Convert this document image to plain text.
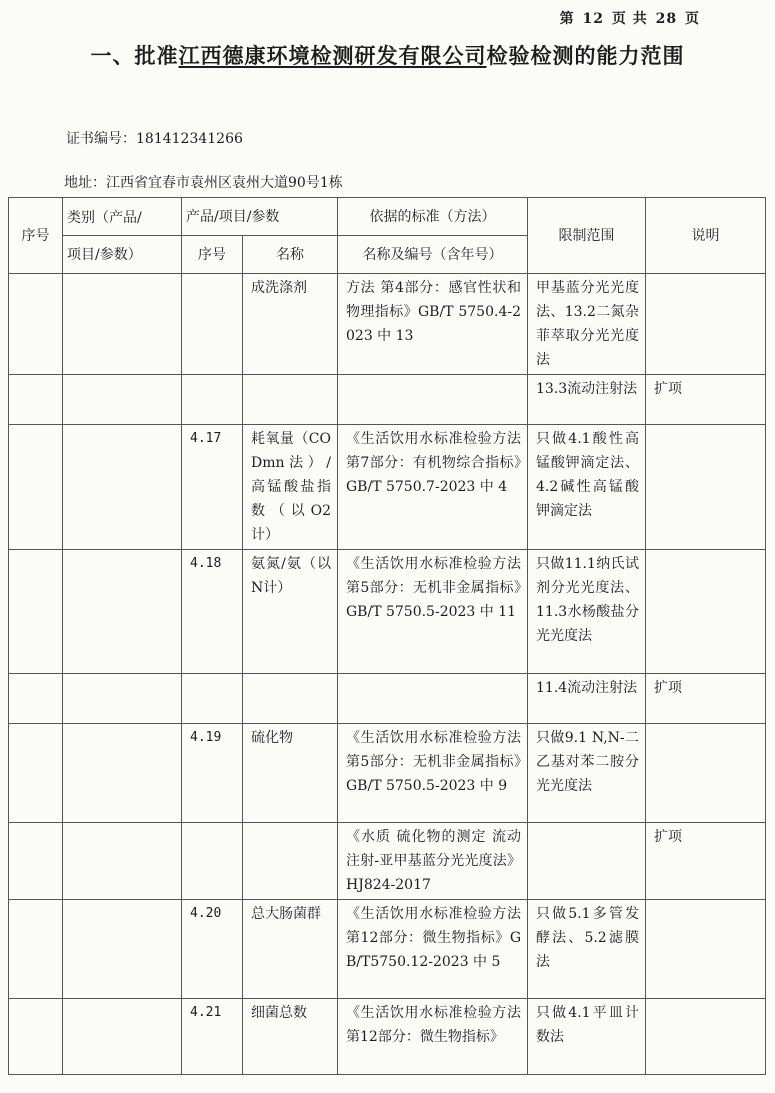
第 12 页 共 28 页
一、批准江西德康环境检测研发有限公司检验检测的能力范围
证书编号：181412341266
地址：江西省宜春市袁州区袁州大道90号1栋
序号	类别（产品/	产品/项目/参数		依据的标准（方法）	限制范围	说明
	项目/参数）	序号	名称	名称及编号（含年号）		
			成洗涤剂	方法 第4部分：感官性状和物理指标》GB/T 5750.4-2023 中 13	甲基蓝分光光度法、13.2二氮杂菲萃取分光光度法	
					13.3流动注射法	扩项
		4.17	耗氧量（CODmn法）/高锰酸盐指数（以O2计）	《生活饮用水标准检验方法 第7部分：有机物综合指标》GB/T 5750.7-2023 中 4	只做4.1酸性高锰酸钾滴定法、4.2碱性高锰酸钾滴定法	
		4.18	氨氮/氨（以N计）	《生活饮用水标准检验方法 第5部分：无机非金属指标》GB/T 5750.5-2023 中 11	只做11.1纳氏试剂分光光度法、11.3水杨酸盐分光光度法	
					11.4流动注射法	扩项
		4.19	硫化物	《生活饮用水标准检验方法 第5部分：无机非金属指标》GB/T 5750.5-2023 中 9	只做9.1 N,N-二乙基对苯二胺分光光度法	
				《水质 硫化物的测定 流动注射-亚甲基蓝分光光度法》HJ824-2017		扩项
		4.20	总大肠菌群	《生活饮用水标准检验方法 第12部分：微生物指标》GB/T5750.12-2023 中 5	只做5.1多管发酵法、5.2滤膜法	
		4.21	细菌总数	《生活饮用水标准检验方法 第12部分：微生物指标》	只做4.1平皿计数法	
